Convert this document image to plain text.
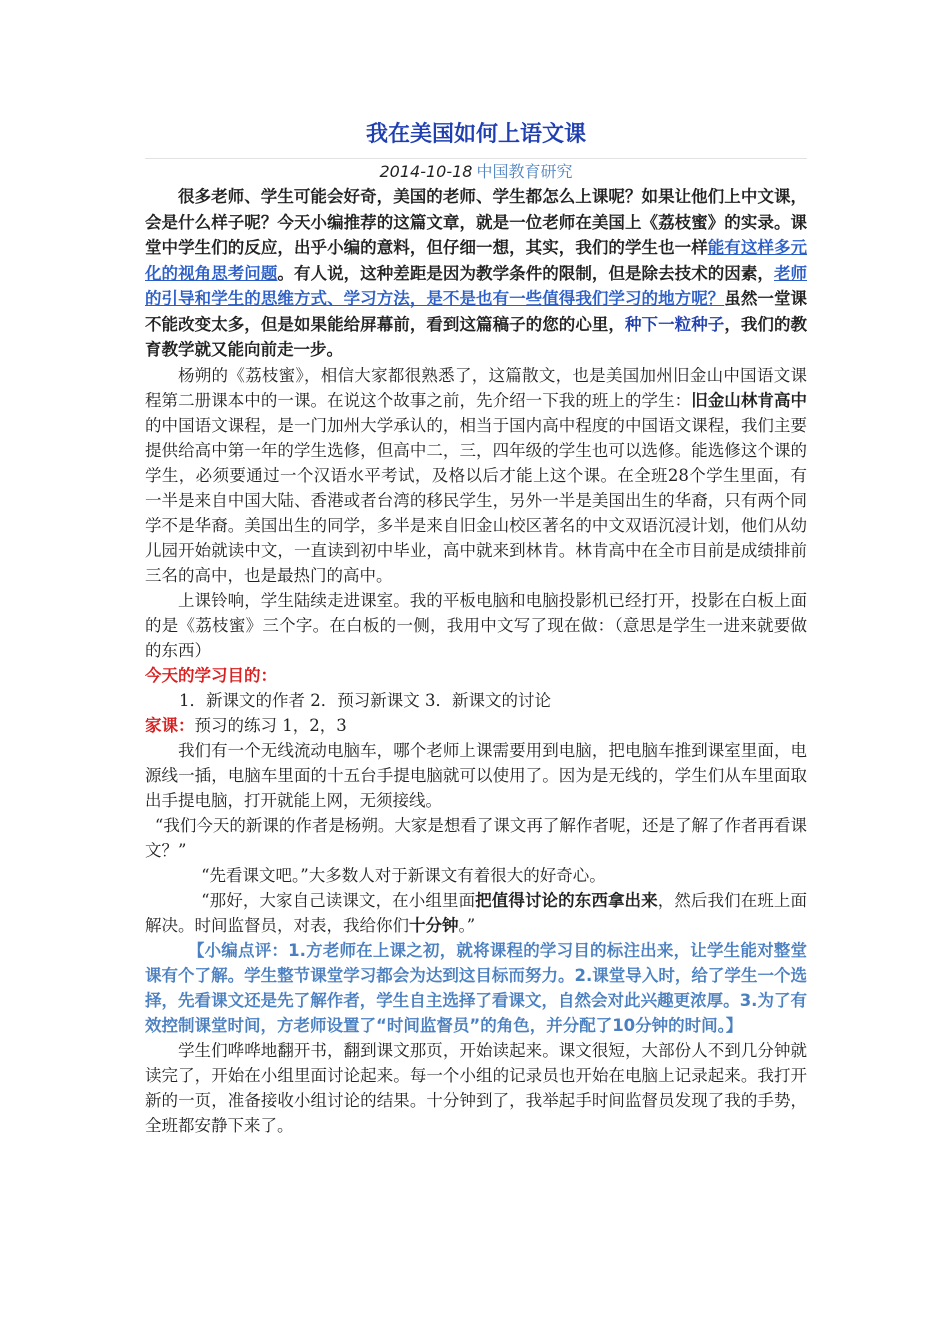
我在美国如何上语文课
2014-10-18 中国教育研究

很多老师、学生可能会好奇，美国的老师、学生都怎么上课呢？如果让他们上中文课，会是什么样子呢？今天小编推荐的这篇文章，就是一位老师在美国上《荔枝蜜》的实录。课堂中学生们的反应，出乎小编的意料，但仔细一想，其实，我们的学生也一样能有这样多元化的视角思考问题。有人说，这种差距是因为教学条件的限制，但是除去技术的因素，老师的引导和学生的思维方式、学习方法，是不是也有一些值得我们学习的地方呢？虽然一堂课不能改变太多，但是如果能给屏幕前，看到这篇稿子的您的心里，种下一粒种子，我们的教育教学就又能向前走一步。

杨朔的《荔枝蜜》，相信大家都很熟悉了，这篇散文，也是美国加州旧金山中国语文课程第二册课本中的一课。在说这个故事之前，先介绍一下我的班上的学生：旧金山林肯高中的中国语文课程，是一门加州大学承认的，相当于国内高中程度的中国语文课程，我们主要提供给高中第一年的学生选修，但高中二，三，四年级的学生也可以选修。能选修这个课的学生，必须要通过一个汉语水平考试，及格以后才能上这个课。在全班28个学生里面，有一半是来自中国大陆、香港或者台湾的移民学生，另外一半是美国出生的华裔，只有两个同学不是华裔。美国出生的同学，多半是来自旧金山校区著名的中文双语沉浸计划，他们从幼儿园开始就读中文，一直读到初中毕业，高中就来到林肯。林肯高中在全市目前是成绩排前三名的高中，也是最热门的高中。

上课铃响，学生陆续走进课室。我的平板电脑和电脑投影机已经打开，投影在白板上面的是《荔枝蜜》三个字。在白板的一侧，我用中文写了现在做：（意思是学生一进来就要做的东西）

今天的学习目的：

1．新课文的作者 2．预习新课文 3．新课文的讨论

家课：预习的练习 1，2，3

我们有一个无线流动电脑车，哪个老师上课需要用到电脑，把电脑车推到课室里面，电源线一插，电脑车里面的十五台手提电脑就可以使用了。因为是无线的，学生们从车里面取出手提电脑，打开就能上网，无须接线。

“我们今天的新课的作者是杨朔。大家是想看了课文再了解作者呢，还是了解了作者再看课文？”

“先看课文吧。”大多数人对于新课文有着很大的好奇心。

“那好，大家自己读课文，在小组里面把值得讨论的东西拿出来，然后我们在班上面解决。时间监督员，对表，我给你们十分钟。”

【小编点评：1.方老师在上课之初，就将课程的学习目的标注出来，让学生能对整堂课有个了解。学生整节课堂学习都会为达到这目标而努力。2.课堂导入时，给了学生一个选择，先看课文还是先了解作者，学生自主选择了看课文，自然会对此兴趣更浓厚。3.为了有效控制课堂时间，方老师设置了“时间监督员”的角色，并分配了10分钟的时间。】

学生们哗哗地翻开书，翻到课文那页，开始读起来。课文很短，大部份人不到几分钟就读完了，开始在小组里面讨论起来。每一个小组的记录员也开始在电脑上记录起来。我打开新的一页，准备接收小组讨论的结果。十分钟到了，我举起手时间监督员发现了我的手势，全班都安静下来了。
